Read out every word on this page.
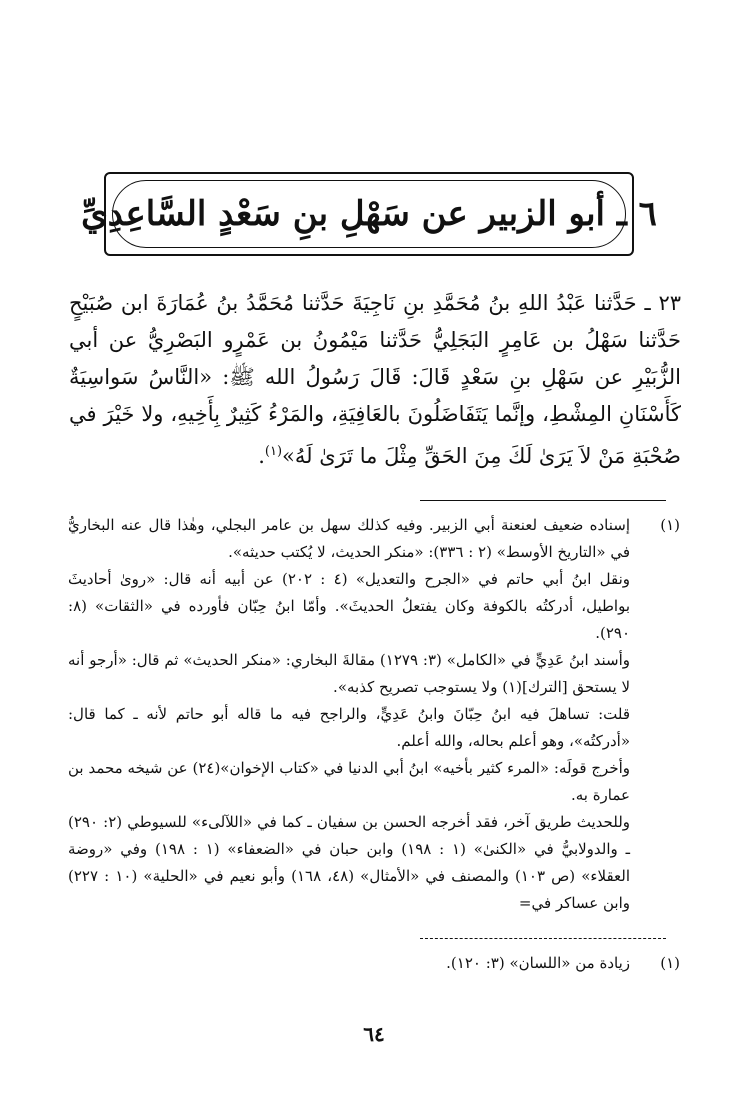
٦ ـ أبو الزبير عن سَهْلِ بنِ سَعْدٍ السَّاعِدِيِّ

٢٣ ـ حَدَّثنا عَبْدُ اللهِ بنُ مُحَمَّدِ بنِ نَاجِيَةَ حَدَّثنا مُحَمَّدُ بنُ عُمَارَةَ ابن صُبَيْحٍ حَدَّثنا سَهْلُ بن عَامِرٍ البَجَلِيُّ حَدَّثنا مَيْمُونُ بن عَمْرٍو البَصْرِيُّ عن أبي الزُّبَيْرِ عن سَهْلِ بنِ سَعْدٍ قَالَ: قَالَ رَسُولُ الله ﷺ: «النَّاسُ سَواسِيَةٌ كَأَسْنَانِ المِشْطِ، وإنَّما يَتَفَاضَلُونَ بالعَافِيَةِ، والمَرْءُ كَثِيرٌ بِأَخِيهِ، ولا خَيْرَ في صُحْبَةِ مَنْ لاَ يَرَىٰ لَكَ مِنَ الحَقِّ مِثْلَ ما تَرَىٰ لَهُ»$^{(١)}$.

(١)

إسناده ضعيف لعنعنة أبي الزبير. وفيه كذلك سهل بن عامر البجلي، وهٰذا قال عنه البخاريُّ في «التاريخ الأوسط» (٢ : ٣٣٦): «منكر الحديث، لا يُكتب حديثه».

ونقل ابنُ أبي حاتم في «الجرح والتعديل» (٤ : ٢٠٢) عن أبيه أنه قال: «روىٰ أحاديثَ بواطيل، أدركتُه بالكوفة وكان يفتعلُ الحديثَ». وأمّا ابنُ حِبّان فأورده في «الثقات» (٨: ٢٩٠).

وأسند ابنُ عَدِيٍّ في «الكامل» (٣: ١٢٧٩) مقالةَ البخاري: «منكر الحديث» ثم قال: «أرجو أنه لا يستحق [الترك](١) ولا يستوجب تصريح كذبه».

قلت: تساهلَ فيه ابنُ حِبّانَ وابنُ عَدِيٍّ، والراجح فيه ما قاله أبو حاتم لأنه ـ كما قال: «أدركتُه»، وهو أعلم بحاله، والله أعلم.

وأخرج قولَه: «المرء كثير بأخيه» ابنُ أبي الدنيا في «كتاب الإخوان»(٢٤) عن شيخه محمد بن عمارة به.

وللحديث طريق آخر، فقد أخرجه الحسن بن سفيان ـ كما في «اللآلىء» للسيوطي (٢: ٢٩٠) ـ والدولابيُّ في «الكنىٰ» (١ : ١٩٨) وابن حبان في «الضعفاء» (١ : ١٩٨) وفي «روضة العقلاء» (ص ١٠٣) والمصنف في «الأمثال» (٤٨، ١٦٨) وأبو نعيم في «الحلية» (١٠ : ٢٢٧) وابن عساكر في=

(١)
زيادة من «اللسان» (٣: ١٢٠).
٦٤
